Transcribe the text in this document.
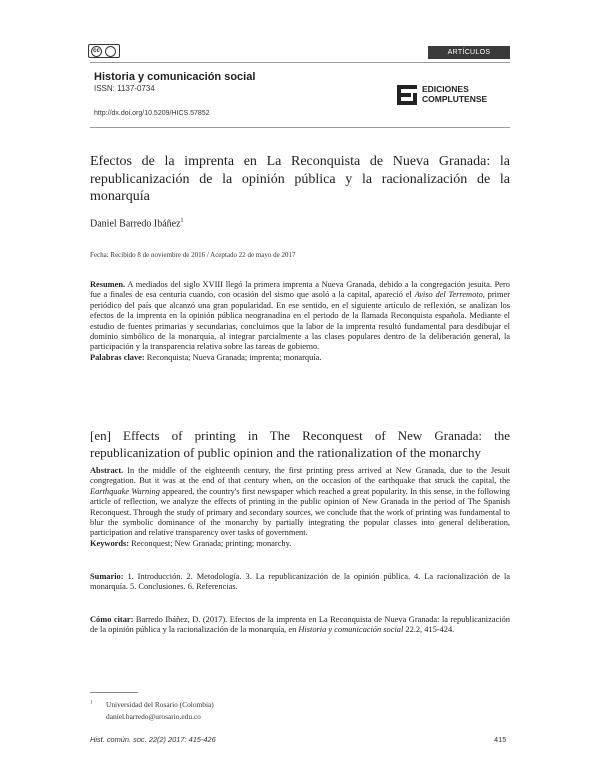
cc	ARTÍCULOS
Historia y comunicación social
ISSN: 1137-0734
http://dx.doi.org/10.5209/HICS.57852
EDICIONES
COMPLUTENSE
Efectos de la imprenta en La Reconquista de Nueva Granada: la republicanización de la opinión pública y la racionalización de la monarquía
Daniel Barredo Ibáñez$^1$
Fecha: Recibido 8 de noviembre de 2016 / Aceptado 22 de mayo de 2017
Resumen. A mediados del siglo XVIII llegó la primera imprenta a Nueva Granada, debido a la congregación jesuita. Pero fue a finales de esa centuria cuando, con ocasión del sismo que asoló a la capital, apareció el Aviso del Terremoto, primer periódico del país que alcanzó una gran popularidad. En ese sentido, en el siguiente artículo de reflexión, se analizan los efectos de la imprenta en la opinión pública neogranadina en el periodo de la llamada Reconquista española. Mediante el estudio de fuentes primarias y secundarias, concluimos que la labor de la imprenta resultó fundamental para desdibujar el dominio simbólico de la monarquía, al integrar parcialmente a las clases populares dentro de la deliberación general, la participación y la transparencia relativa sobre las tareas de gobierno.
Palabras clave: Reconquista; Nueva Granada; imprenta; monarquía.
[en] Effects of printing in The Reconquest of New Granada: the republicanization of public opinion and the rationalization of the monarchy
Abstract. In the middle of the eighteenth century, the first printing press arrived at New Granada, due to the Jesuit congregation. But it was at the end of that century when, on the occasion of the earthquake that struck the capital, the Earthquake Warning appeared, the country's first newspaper which reached a great popularity. In this sense, in the following article of reflection, we analyze the effects of printing in the public opinion of New Granada in the period of The Spanish Reconquest. Through the study of primary and secondary sources, we conclude that the work of printing was fundamental to blur the symbolic dominance of the monarchy by partially integrating the popular classes into general deliberation, participation and relative transparency over tasks of government.
Keywords: Reconquest; New Granada; printing; monarchy.
Sumario: 1. Introducción. 2. Metodología. 3. La republicanización de la opinión pública. 4. La racionalización de la monarquía. 5. Conclusiones. 6. Referencias.
Cómo citar: Barredo Ibáñez, D. (2017). Efectos de la imprenta en La Reconquista de Nueva Granada: la republicanización de la opinión pública y la racionalización de la monarquía, en Historia y comunicación social 22.2, 415-424.
$^1$ Universidad del Rosario (Colombia)
daniel.barredo@urosario.edu.co
Hist. común. soc. 22(2) 2017: 415-426	415
